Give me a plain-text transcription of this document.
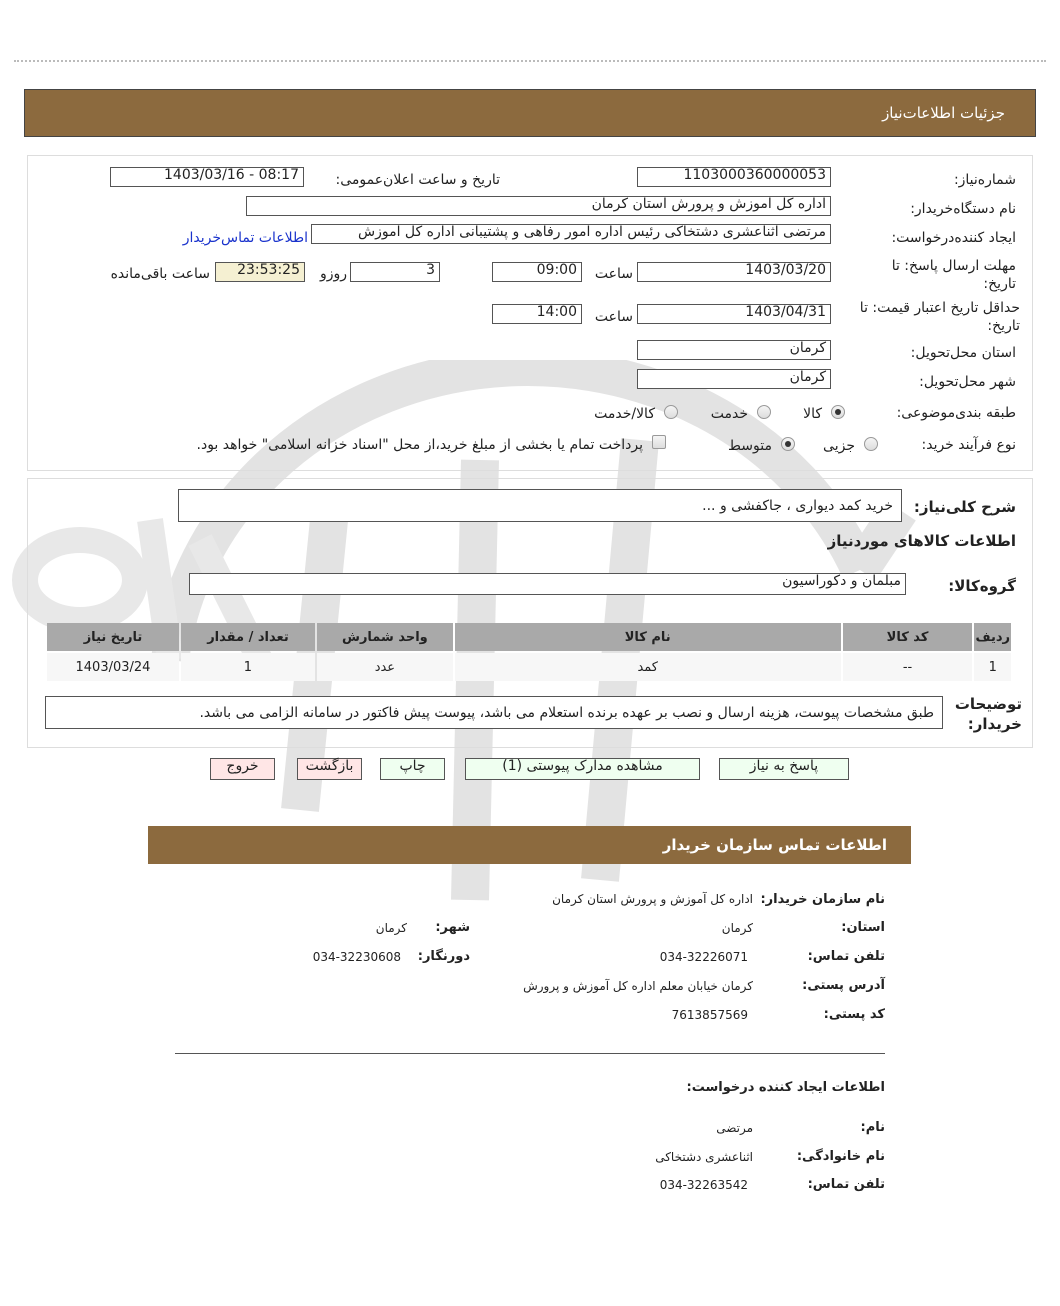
جزئیات اطلاعات‌نیاز
شماره‌نیاز:
1103000360000053
تاریخ و ساعت اعلان‌عمومی:
1403/03/16 - 08:17
نام دستگاه‌خریدار:
اداره کل آموزش و پرورش استان کرمان
ایجاد کننده‌درخواست:
مرتضی اثناعشری دشتخاکی رئیس اداره امور رفاهی و پشتیبانی اداره کل آموزش
اطلاعات تماس‌خریدار
مهلت ارسال پاسخ: تا تاریخ:
1403/03/20
ساعت
09:00
3
روزو
23:53:25
ساعت باقی‌مانده
حداقل تاریخ اعتبار قیمت: تا تاریخ:
1403/04/31
ساعت
14:00
استان محل‌تحویل:
کرمان
شهر محل‌تحویل:
کرمان
طبقه بندی‌موضوعی:
کالا
خدمت
کالا/خدمت
نوع فرآیند خرید:
جزیی
متوسط
پرداخت تمام یا بخشی از مبلغ خرید،از محل "اسناد خزانه اسلامی" خواهد بود.
شرح کلی‌نیاز:
خرید کمد دیواری ، جاکفشی و ...
اطلاعات کالاهای موردنیاز
گروه‌کالا:
مبلمان و دکوراسیون
ردیف	کد کالا	نام کالا	واحد شمارش	تعداد / مقدار	تاریخ نیاز
1	--	کمد	عدد	1	1403/03/24
توضیحات خریدار:
طبق مشخصات پیوست، هزینه ارسال و نصب بر عهده برنده استعلام می باشد، پیوست پیش فاکتور در سامانه الزامی می باشد.
پاسخ به نیاز
مشاهده مدارک پیوستی (1)
چاپ
بازگشت
خروج
اطلاعات تماس سازمان خریدار
نام سازمان خریدار:
اداره کل آموزش و پرورش استان کرمان
استان:
کرمان
شهر:
کرمان
تلفن تماس:
034-32226071
دورنگار:
034-32230608
آدرس پستی:
کرمان خیابان معلم اداره کل آموزش و پرورش
کد پستی:
7613857569
اطلاعات ایجاد کننده درخواست:
نام:
مرتضی
نام خانوادگی:
اثناعشری دشتخاکی
تلفن تماس:
034-32263542
